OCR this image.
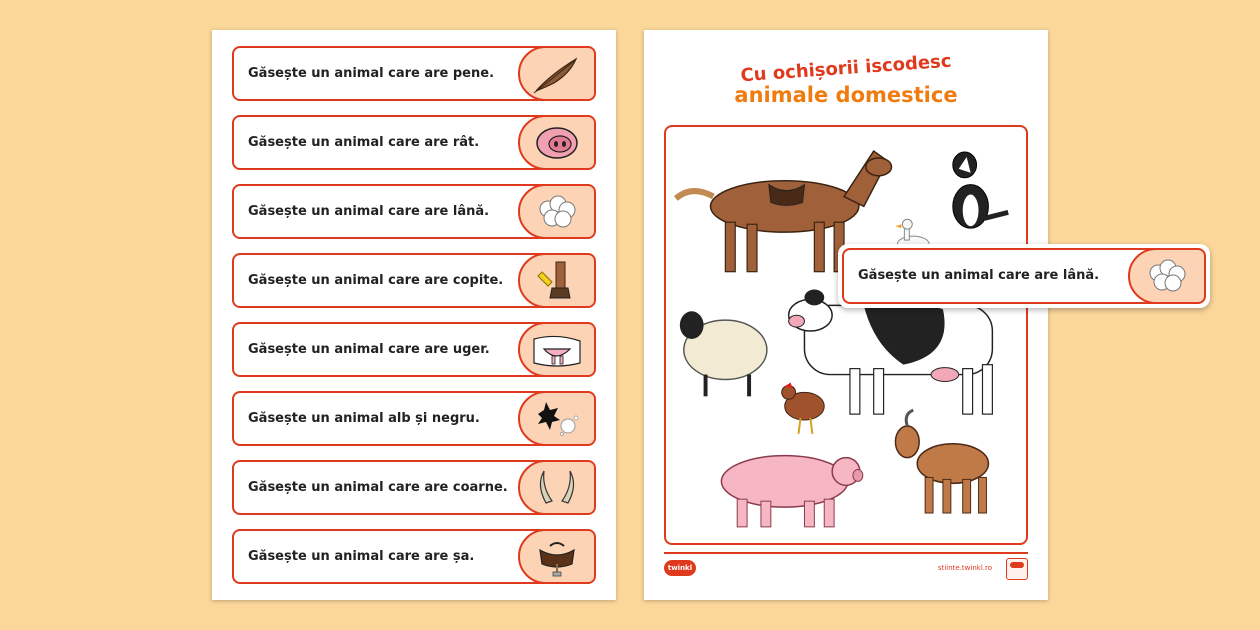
Găsește un animal care are pene.
Găsește un animal care are rât.
Găsește un animal care are lână.
Găsește un animal care are copite.
Găsește un animal care are uger.
Găsește un animal alb și negru.
Găsește un animal care are coarne.
Găsește un animal care are șa.
Cu ochișorii iscodesc
animale domestice
twinkl	stiinte.twinkl.ro
Găsește un animal care are lână.
